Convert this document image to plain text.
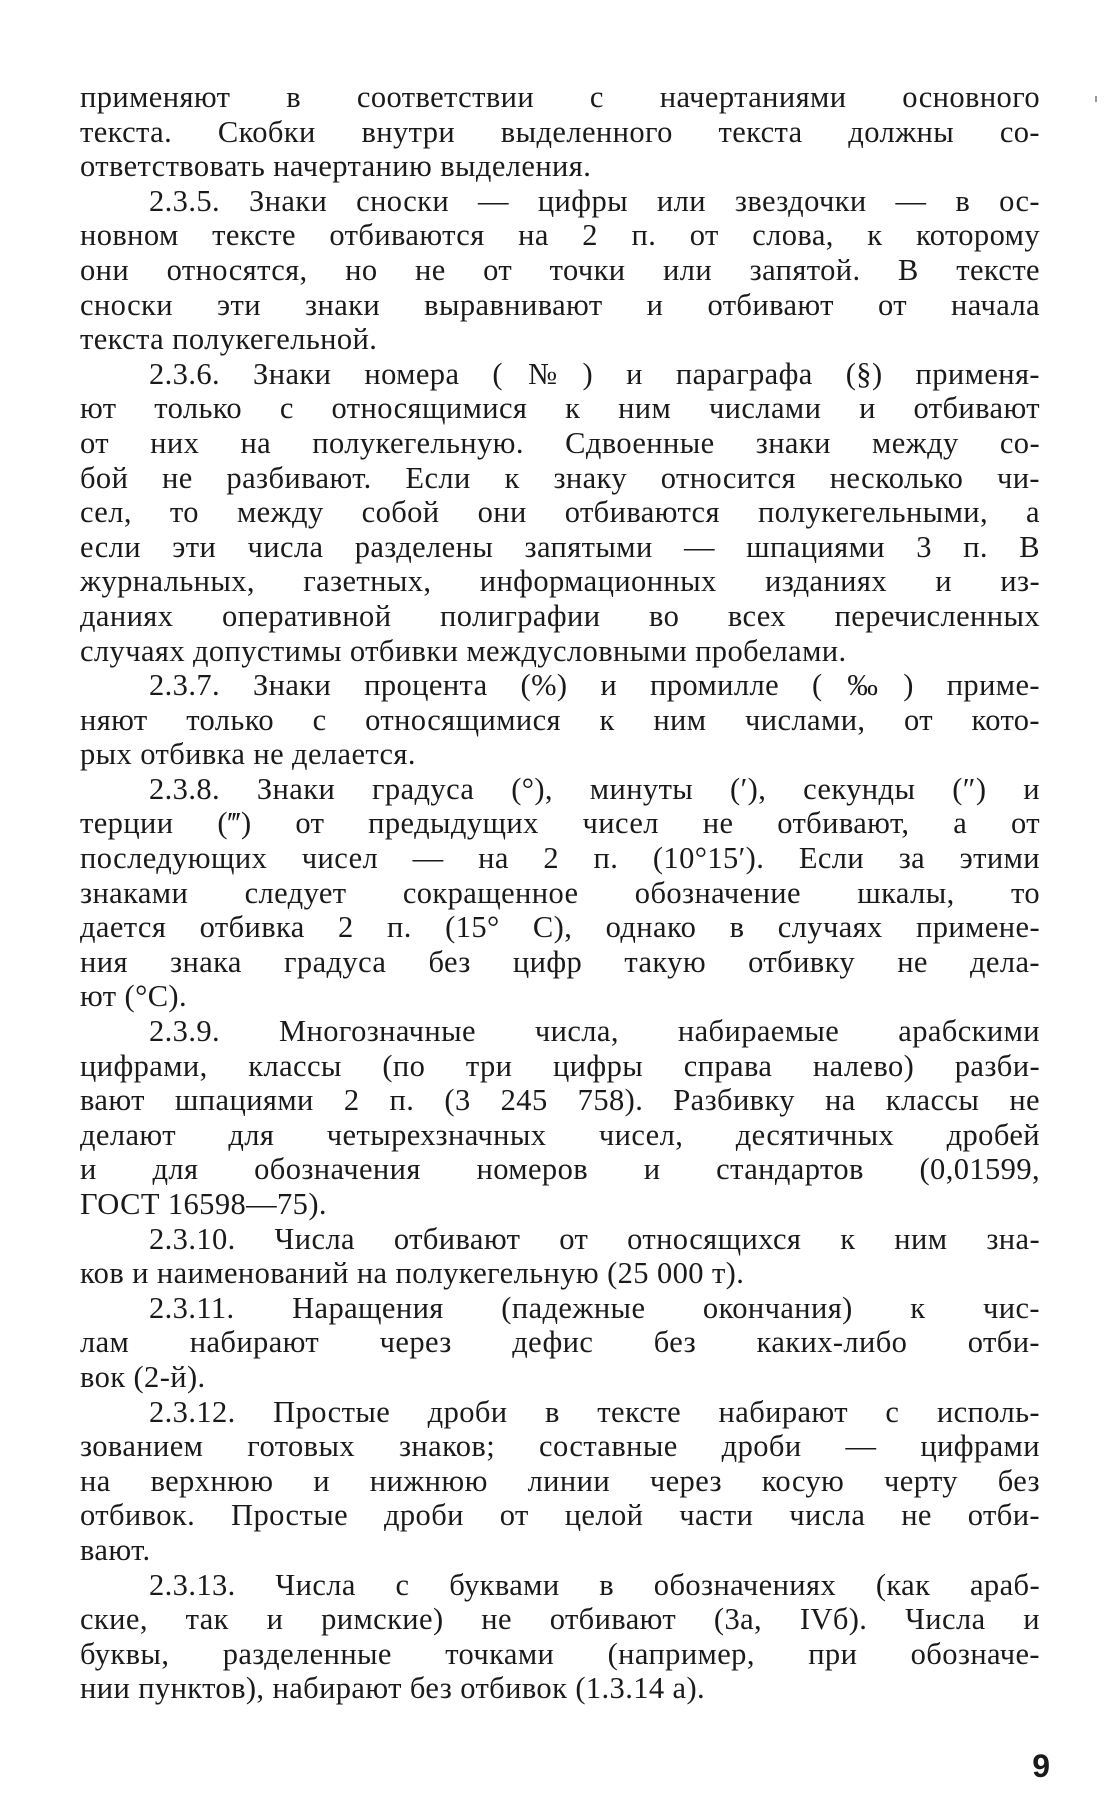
применяют в соответствии с начертаниями основного
текста. Скобки внутри выделенного текста должны со-
ответствовать начертанию выделения.
2.3.5. Знаки сноски — цифры или звездочки — в ос-
новном тексте отбиваются на 2 п. от слова, к которому
они относятся, но не от точки или запятой. В тексте
сноски эти знаки выравнивают и отбивают от начала
текста полукегельной.
2.3.6. Знаки номера (№) и параграфа (§) применя-
ют только с относящимися к ним числами и отбивают
от них на полукегельную. Сдвоенные знаки между со-
бой не разбивают. Если к знаку относится несколько чи-
сел, то между собой они отбиваются полукегельными, а
если эти числа разделены запятыми — шпациями 3 п. В
журнальных, газетных, информационных изданиях и из-
даниях оперативной полиграфии во всех перечисленных
случаях допустимы отбивки междусловными пробелами.
2.3.7. Знаки процента (%) и промилле (‰) приме-
няют только с относящимися к ним числами, от кото-
рых отбивка не делается.
2.3.8. Знаки градуса (°), минуты (′), секунды (″) и
терции (‴) от предыдущих чисел не отбивают, а от
последующих чисел — на 2 п. (10°15′). Если за этими
знаками следует сокращенное обозначение шкалы, то
дается отбивка 2 п. (15° С), однако в случаях примене-
ния знака градуса без цифр такую отбивку не дела-
ют (°С).
2.3.9. Многозначные числа, набираемые арабскими
цифрами, классы (по три цифры справа налево) разби-
вают шпациями 2 п. (3 245 758). Разбивку на классы не
делают для четырехзначных чисел, десятичных дробей
и для обозначения номеров и стандартов (0,01599,
ГОСТ 16598—75).
2.3.10. Числа отбивают от относящихся к ним зна-
ков и наименований на полукегельную (25 000 т).
2.3.11. Наращения (падежные окончания) к чис-
лам набирают через дефис без каких-либо отби-
вок (2-й).
2.3.12. Простые дроби в тексте набирают с исполь-
зованием готовых знаков; составные дроби — цифрами
на верхнюю и нижнюю линии через косую черту без
отбивок. Простые дроби от целой части числа не отби-
вают.
2.3.13. Числа с буквами в обозначениях (как араб-
ские, так и римские) не отбивают (3а, IVб). Числа и
буквы, разделенные точками (например, при обозначе-
нии пунктов), набирают без отбивок (1.3.14 а).
9
